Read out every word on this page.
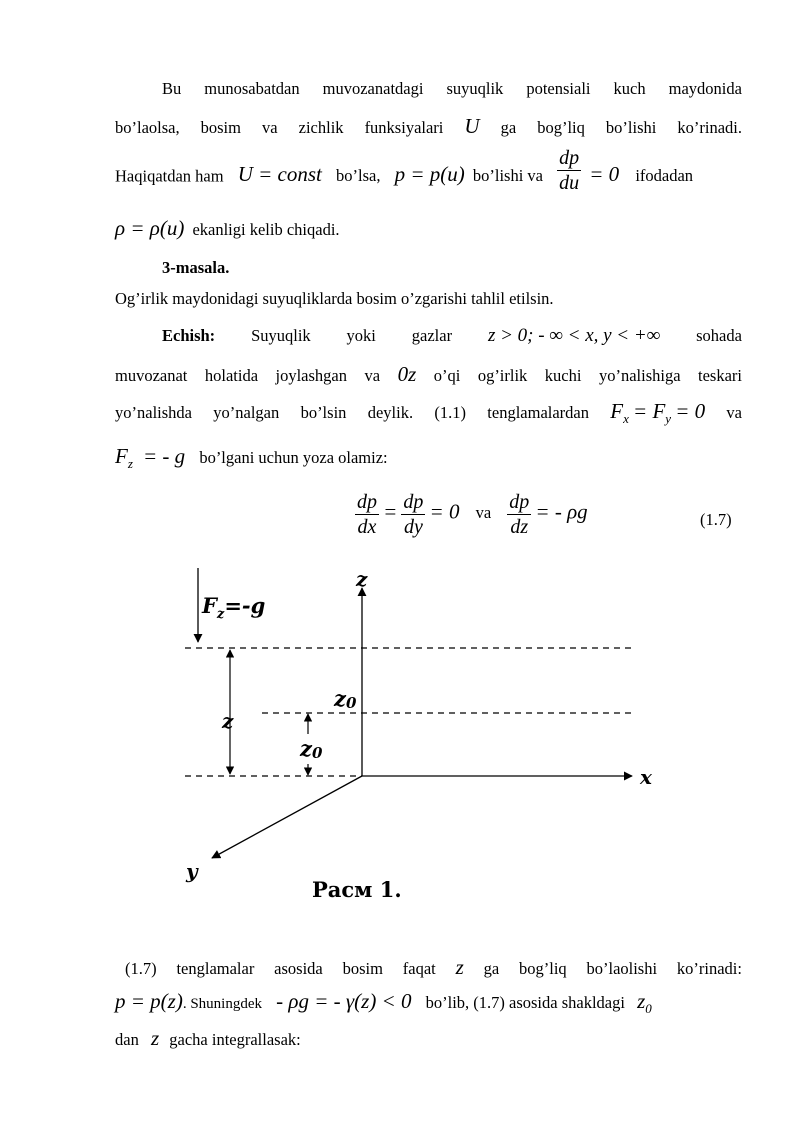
Bu munosabatdan muvozanatdagi suyuqlik potensiali kuch maydonida
bo’laolsa, bosim va zichlik funksiyalari U ga bog’liq bo’lishi ko’rinadi.
Haqiqatdan ham U = const bo’lsa, p = p(u) bo’lishi va $\frac{dp}{du} = 0$ ifodadan
ρ = ρ(u) ekanligi kelib chiqadi.
3-masala.
Og’irlik maydonidagi suyuqliklarda bosim o’zgarishi tahlil etilsin.
Echish: Suyuqlik yoki gazlar z > 0; - ∞ < x, y < +∞ sohada
muvozanat holatida joylashgan va 0z o’qi og’irlik kuchi yo’nalishiga teskari
yo’nalishda yo’nalgan bo’lsin deylik. (1.1) tenglamalardan $F_x = F_y = 0$ va
$F_z$ = - g bo’lgani uchun yoza olamiz:
$\frac{dp}{dx} = \frac{dp}{dy} = 0$ va $\frac{dp}{dz}$ = - ρg	(1.7)
$F_z=-g$
z
x
y
z0
z
z0
Расм 1.
(1.7) tenglamalar asosida bosim faqat z ga bog’liq bo’laolishi ko’rinadi:
p = p(z). Shuningdek - ρg = - γ(z) < 0 bo’lib, (1.7) asosida shakldagi $z_0$
dan z gacha integrallasak:
